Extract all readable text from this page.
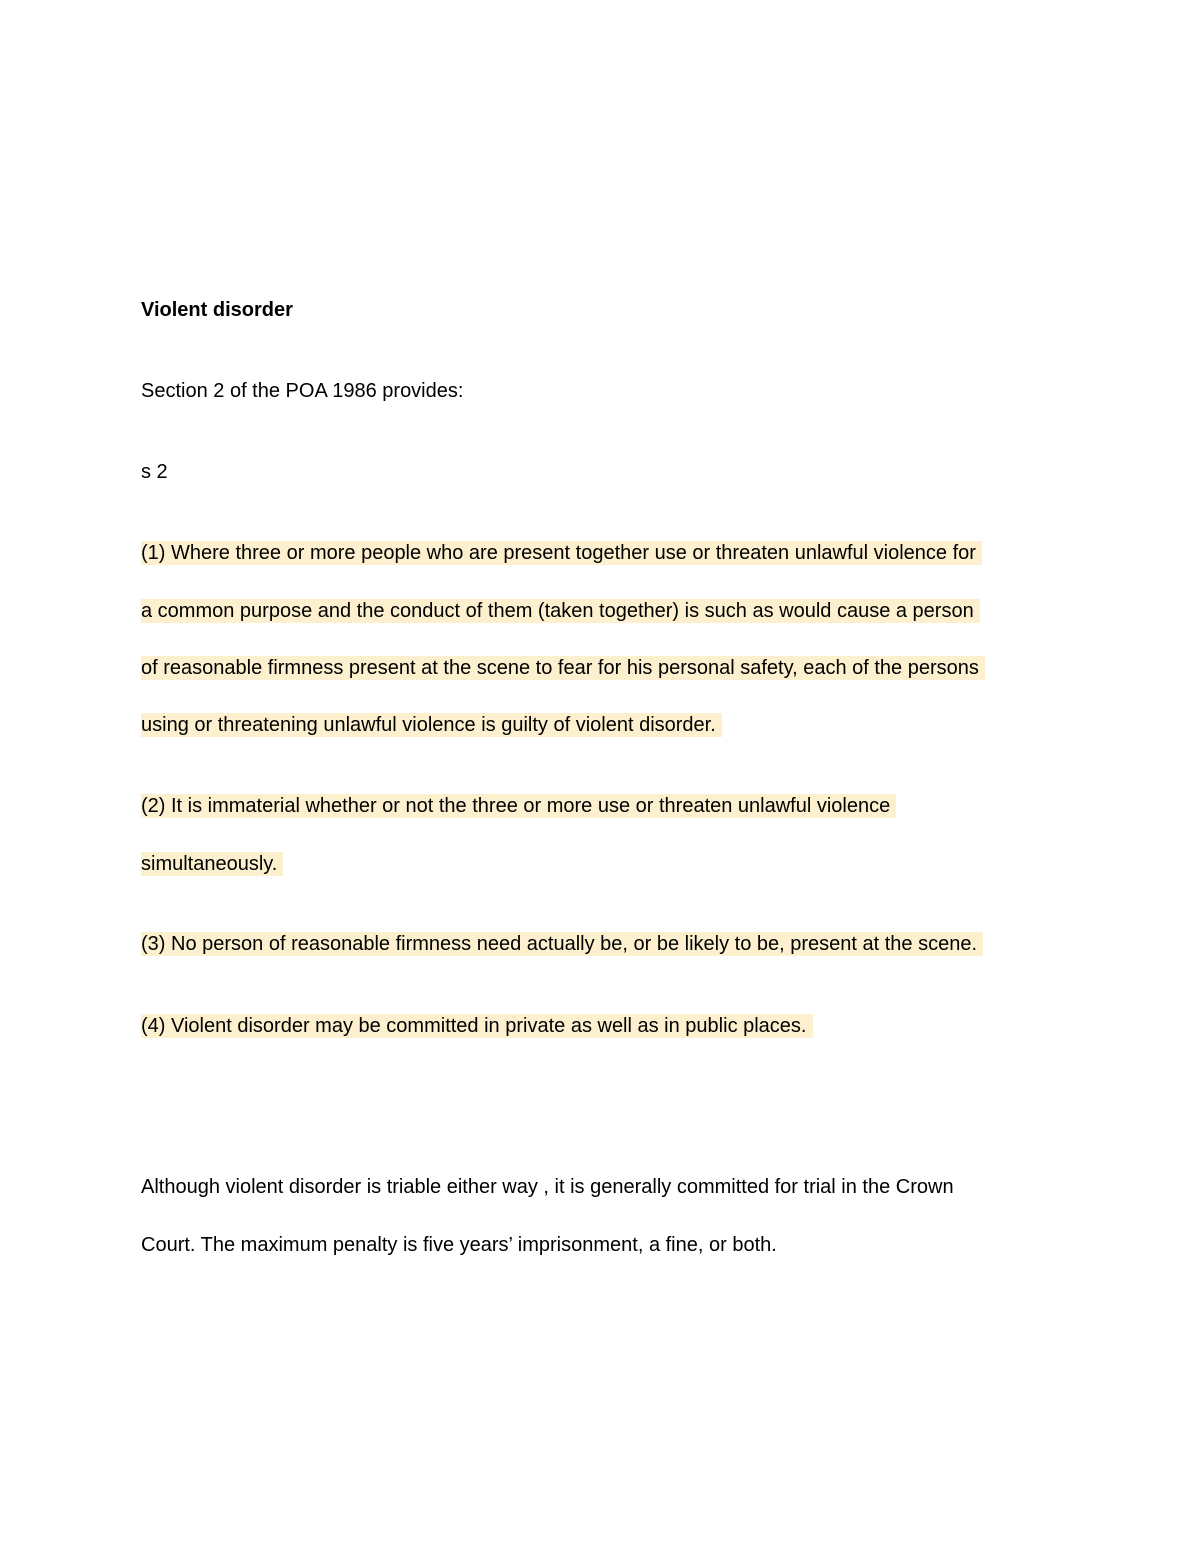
Violent disorder
Section 2 of the POA 1986 provides:
s 2
(1) Where three or more people who are present together use or threaten unlawful violence for
a common purpose and the conduct of them (taken together) is such as would cause a person
of reasonable firmness present at the scene to fear for his personal safety, each of the persons
using or threatening unlawful violence is guilty of violent disorder.
(2) It is immaterial whether or not the three or more use or threaten unlawful violence
simultaneously.
(3) No person of reasonable firmness need actually be, or be likely to be, present at the scene.
(4) Violent disorder may be committed in private as well as in public places.
Although violent disorder is triable either way , it is generally committed for trial in the Crown
Court. The maximum penalty is five years’ imprisonment, a fine, or both.
